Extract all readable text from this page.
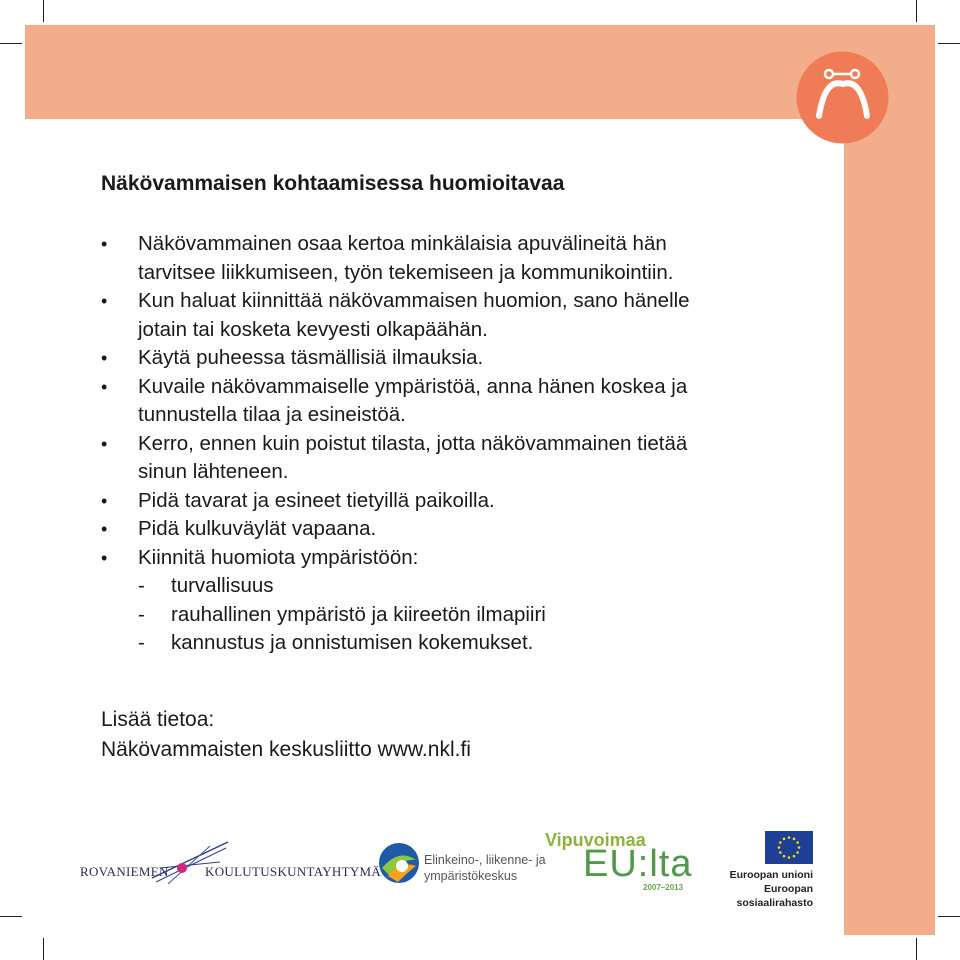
Näkövammaisen kohtaamisessa huomioitavaa
• Näkövammainen osaa kertoa minkälaisia apuvälineitä hän
tarvitsee liikkumiseen, työn tekemiseen ja kommunikointiin.
• Kun haluat kiinnittää näkövammaisen huomion, sano hänelle
jotain tai kosketa kevyesti olkapäähän.
• Käytä puheessa täsmällisiä ilmauksia.
• Kuvaile näkövammaiselle ympäristöä, anna hänen koskea ja
tunnustella tilaa ja esineistöä.
• Kerro, ennen kuin poistut tilasta, jotta näkövammainen tietää
sinun lähteneen.
• Pidä tavarat ja esineet tietyillä paikoilla.
• Pidä kulkuväylät vapaana.
• Kiinnitä huomiota ympäristöön:
- turvallisuus
- rauhallinen ympäristö ja kiireetön ilmapiiri
- kannustus ja onnistumisen kokemukset.
Lisää tietoa:
Näkövammaisten keskusliitto www.nkl.fi
ROVANIEMEN	KOULUTUSKUNTAYHTYMÄ
Elinkeino-, liikenne- ja
ympäristökeskus
Vipuvoimaa
EU:lta
2007–2013
Euroopan unioni
Euroopan sosiaalirahasto
